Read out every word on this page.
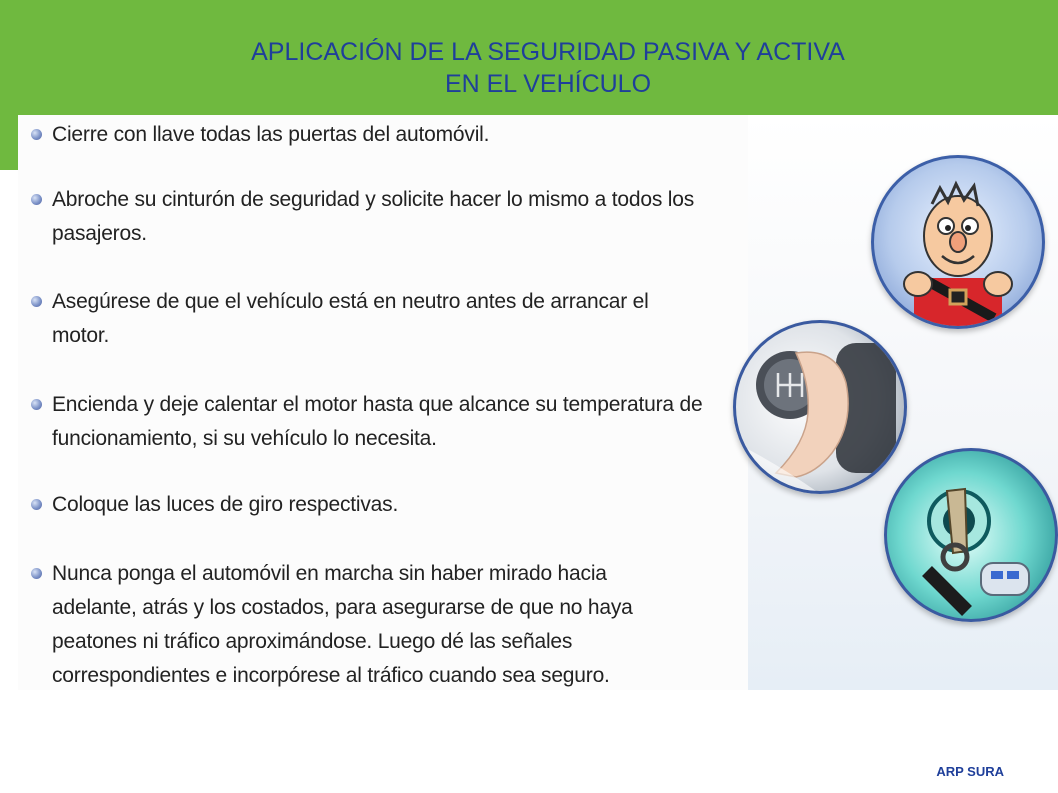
APLICACIÓN DE LA SEGURIDAD PASIVA Y ACTIVA
EN EL VEHÍCULO
Cierre con llave todas las puertas del automóvil.
Abroche su cinturón de seguridad y solicite hacer lo mismo a todos los pasajeros.
Asegúrese de que el vehículo está en neutro antes de arrancar el motor.
Encienda y deje calentar el motor hasta que alcance su temperatura de funcionamiento, si su vehículo lo necesita.
Coloque las luces de giro respectivas.
Nunca ponga el automóvil en marcha sin haber mirado hacia adelante, atrás y los costados, para asegurarse de que no haya peatones ni tráfico aproximándose. Luego dé las señales correspondientes e incorpórese al tráfico cuando sea seguro.
ARP SURA
